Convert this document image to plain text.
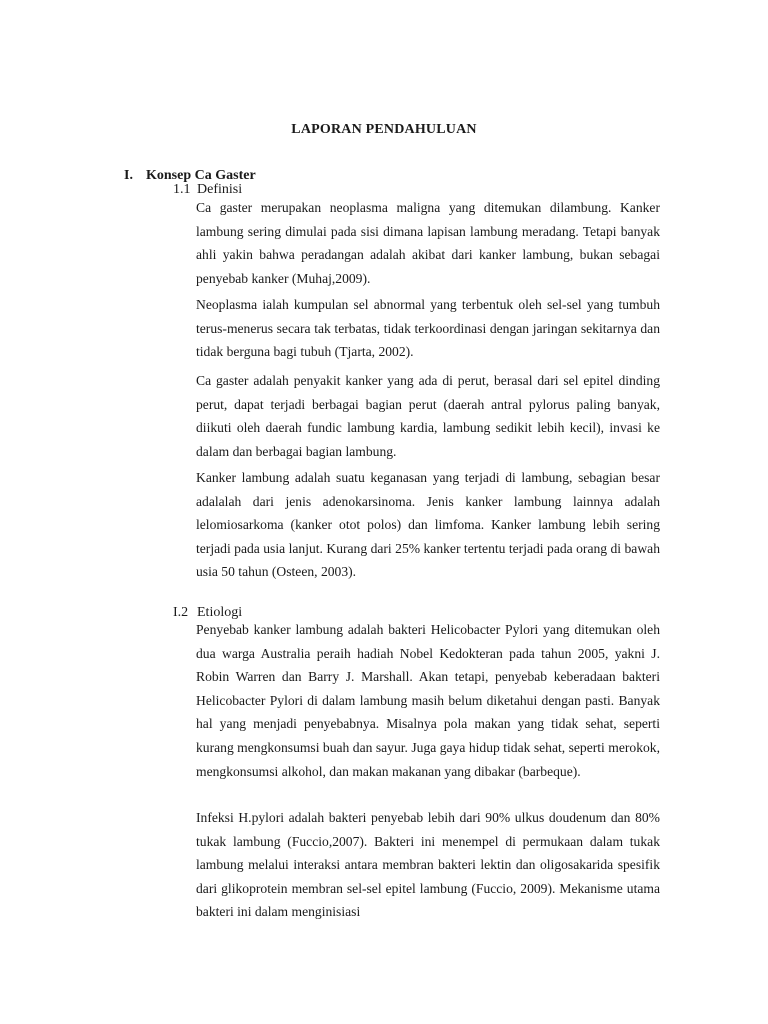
LAPORAN PENDAHULUAN
I. Konsep Ca Gaster
1.1 Definisi

Ca gaster merupakan neoplasma maligna yang ditemukan dilambung. Kanker lambung sering dimulai pada sisi dimana lapisan lambung meradang. Tetapi banyak ahli yakin bahwa peradangan adalah akibat dari kanker lambung, bukan sebagai penyebab kanker (Muhaj,2009).

Neoplasma ialah kumpulan sel abnormal yang terbentuk oleh sel-sel yang tumbuh terus-menerus secara tak terbatas, tidak terkoordinasi dengan jaringan sekitarnya dan tidak berguna bagi tubuh (Tjarta, 2002).

Ca gaster adalah penyakit kanker yang ada di perut, berasal dari sel epitel dinding perut, dapat terjadi berbagai bagian perut (daerah antral pylorus paling banyak, diikuti oleh daerah fundic lambung kardia, lambung sedikit lebih kecil), invasi ke dalam dan berbagai bagian lambung.

Kanker lambung adalah suatu keganasan yang terjadi di lambung, sebagian besar adalalah dari jenis adenokarsinoma. Jenis kanker lambung lainnya adalah lelomiosarkoma (kanker otot polos) dan limfoma. Kanker lambung lebih sering terjadi pada usia lanjut. Kurang dari 25% kanker tertentu terjadi pada orang di bawah usia 50 tahun (Osteen, 2003).

I.2 Etiologi

Penyebab kanker lambung adalah bakteri Helicobacter Pylori yang ditemukan oleh dua warga Australia peraih hadiah Nobel Kedokteran pada tahun 2005, yakni J. Robin Warren dan Barry J. Marshall. Akan tetapi, penyebab keberadaan bakteri Helicobacter Pylori di dalam lambung masih belum diketahui dengan pasti. Banyak hal yang menjadi penyebabnya. Misalnya pola makan yang tidak sehat, seperti kurang mengkonsumsi buah dan sayur. Juga gaya hidup tidak sehat, seperti merokok, mengkonsumsi alkohol, dan makan makanan yang dibakar (barbeque).

Infeksi H.pylori adalah bakteri penyebab lebih dari 90% ulkus doudenum dan 80% tukak lambung (Fuccio,2007). Bakteri ini menempel di permukaan dalam tukak lambung melalui interaksi antara membran bakteri lektin dan oligosakarida spesifik dari glikoprotein membran sel-sel epitel lambung (Fuccio, 2009). Mekanisme utama bakteri ini dalam menginisiasi
